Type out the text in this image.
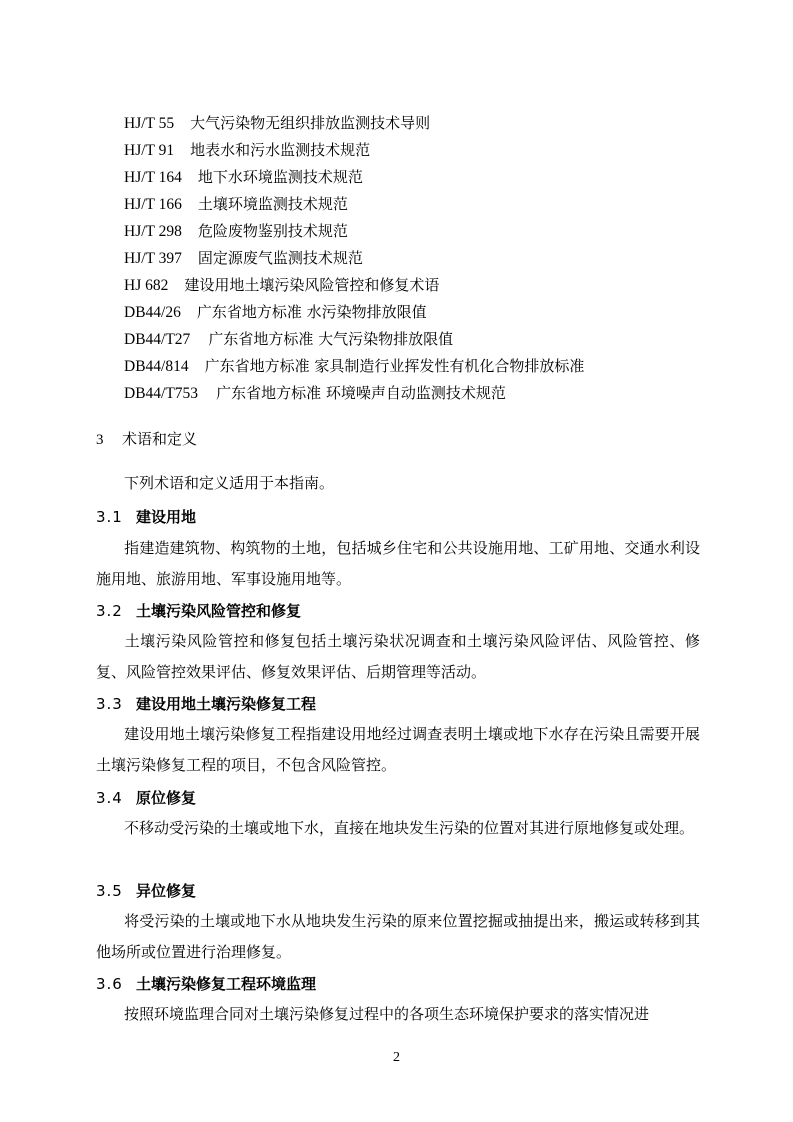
HJ/T 55 大气污染物无组织排放监测技术导则
HJ/T 91 地表水和污水监测技术规范
HJ/T 164 地下水环境监测技术规范
HJ/T 166 土壤环境监测技术规范
HJ/T 298 危险废物鉴别技术规范
HJ/T 397 固定源废气监测技术规范
HJ 682 建设用地土壤污染风险管控和修复术语
DB44/26 广东省地方标准 水污染物排放限值
DB44/T27 广东省地方标准 大气污染物排放限值
DB44/814 广东省地方标准 家具制造行业挥发性有机化合物排放标准
DB44/T753 广东省地方标准 环境噪声自动监测技术规范
3 术语和定义
下列术语和定义适用于本指南。
3.1 建设用地
指建造建筑物、构筑物的土地，包括城乡住宅和公共设施用地、工矿用地、交通水利设施用地、旅游用地、军事设施用地等。
3.2 土壤污染风险管控和修复
土壤污染风险管控和修复包括土壤污染状况调查和土壤污染风险评估、风险管控、修复、风险管控效果评估、修复效果评估、后期管理等活动。
3.3 建设用地土壤污染修复工程
建设用地土壤污染修复工程指建设用地经过调查表明土壤或地下水存在污染且需要开展土壤污染修复工程的项目，不包含风险管控。
3.4 原位修复
不移动受污染的土壤或地下水，直接在地块发生污染的位置对其进行原地修复或处理。
3.5 异位修复
将受污染的土壤或地下水从地块发生污染的原来位置挖掘或抽提出来，搬运或转移到其他场所或位置进行治理修复。
3.6 土壤污染修复工程环境监理
按照环境监理合同对土壤污染修复过程中的各项生态环境保护要求的落实情况进
2
